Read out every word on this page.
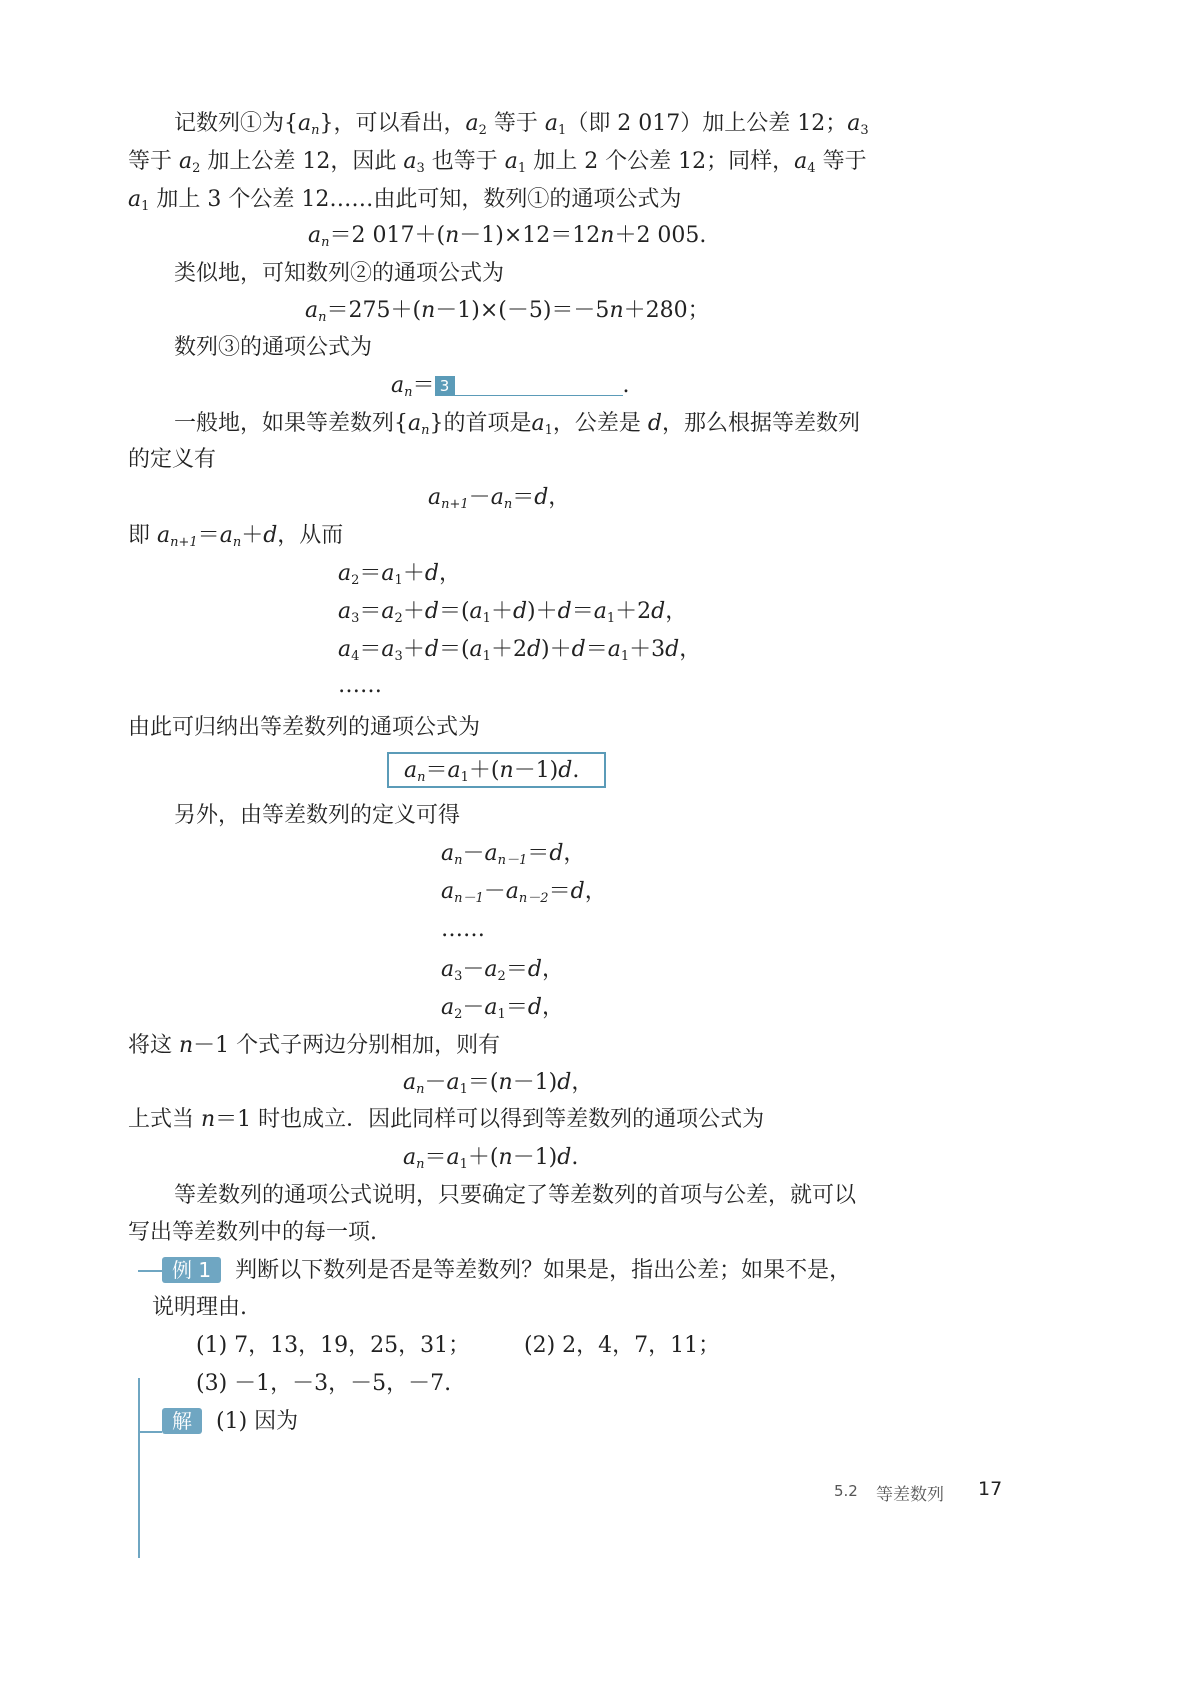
记数列①为$\{a_n\}$，可以看出，$a_2$ 等于 $a_1$（即 2 017）加上公差 12；$a_3$
等于 $a_2$ 加上公差 12，因此 $a_3$ 也等于 $a_1$ 加上 2 个公差 12；同样，$a_4$ 等于
$a_1$ 加上 3 个公差 12……由此可知，数列①的通项公式为
$a_n=2$ 017＋(n－1)×12＝12n＋2 005.
类似地，可知数列②的通项公式为
$a_n=275+(n-1)\times(-5)=-5n+280$；
数列③的通项公式为
$a_n= 3$	.
一般地，如果等差数列$\{a_n\}$的首项是$a_1$，公差是 d，那么根据等差数列
的定义有
$a_{n+1}-a_n=d$，
即 $a_{n+1}=a_n+d$，从而
$a_2=a_1+d$，
$a_3=a_2+d=(a_1+d)+d=a_1+2d$，
$a_4=a_3+d=(a_1+2d)+d=a_1+3d$，
……
由此可归纳出等差数列的通项公式为
$a_n=a_1+(n-1)d$.
另外，由等差数列的定义可得
$a_n-a_{n-1}=d$，
$a_{n-1}-a_{n-2}=d$，
……
$a_3-a_2=d$，
$a_2-a_1=d$，
将这 n－1 个式子两边分别相加，则有
$a_n-a_1=(n-1)d$，
上式当 n＝1 时也成立．因此同样可以得到等差数列的通项公式为
$a_n=a_1+(n-1)d$.
等差数列的通项公式说明，只要确定了等差数列的首项与公差，就可以
写出等差数列中的每一项.
例 1 判断以下数列是否是等差数列？如果是，指出公差；如果不是，
说明理由.
(1) 7，13，19，25，31； (2) 2，4，7，11；
(3) －1，－3，－5，－7.
解 (1) 因为
5.2 等差数列 17
